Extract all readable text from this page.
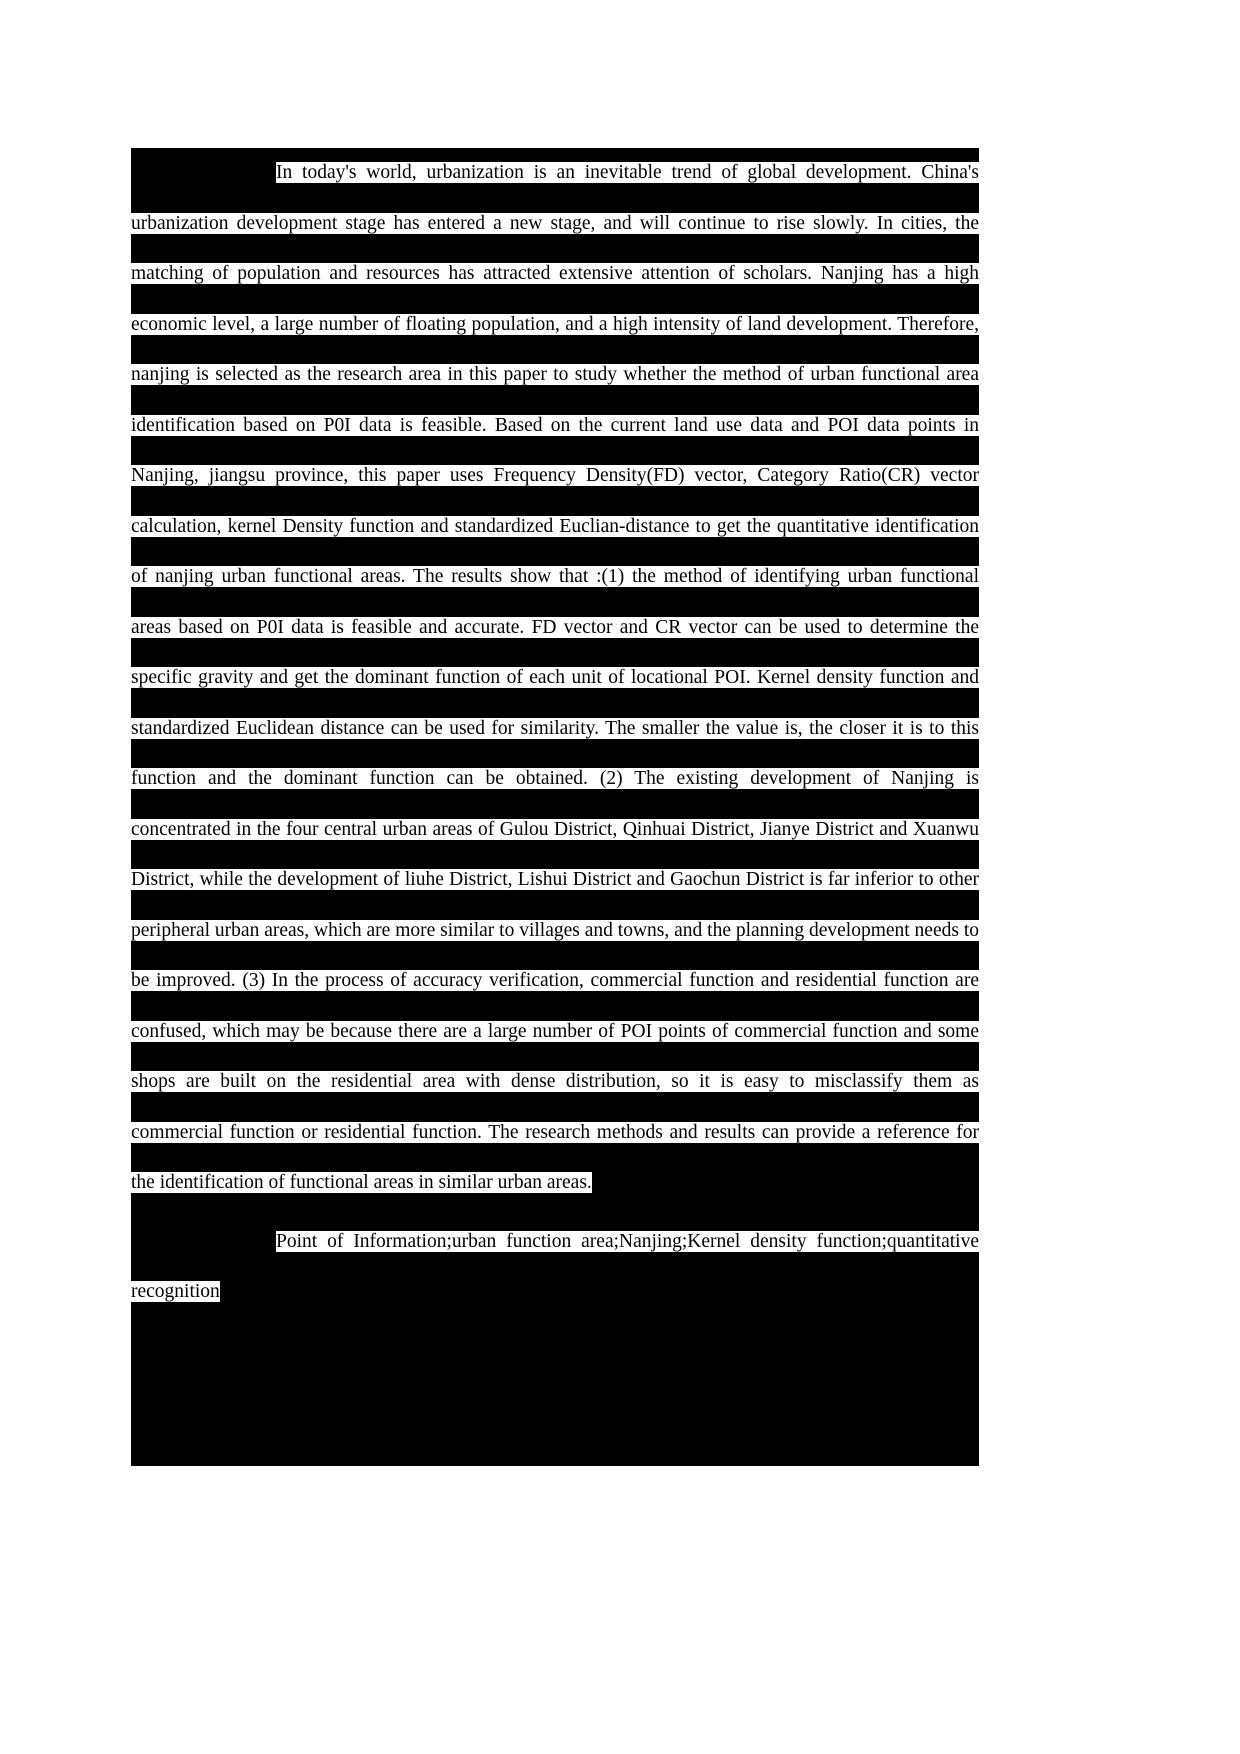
In today's world, urbanization is an inevitable trend of global development. China's urbanization development stage has entered a new stage, and will continue to rise slowly. In cities, the matching of population and resources has attracted extensive attention of scholars. Nanjing has a high economic level, a large number of floating population, and a high intensity of land development. Therefore, nanjing is selected as the research area in this paper to study whether the method of urban functional area identification based on P0I data is feasible. Based on the current land use data and POI data points in Nanjing, jiangsu province, this paper uses Frequency Density(FD) vector, Category Ratio(CR) vector calculation, kernel Density function and standardized Euclian-distance to get the quantitative identification of nanjing urban functional areas. The results show that :(1) the method of identifying urban functional areas based on P0I data is feasible and accurate. FD vector and CR vector can be used to determine the specific gravity and get the dominant function of each unit of locational POI. Kernel density function and standardized Euclidean distance can be used for similarity. The smaller the value is, the closer it is to this function and the dominant function can be obtained. (2) The existing development of Nanjing is concentrated in the four central urban areas of Gulou District, Qinhuai District, Jianye District and Xuanwu District, while the development of liuhe District, Lishui District and Gaochun District is far inferior to other peripheral urban areas, which are more similar to villages and towns, and the planning development needs to be improved. (3) In the process of accuracy verification, commercial function and residential function are confused, which may be because there are a large number of POI points of commercial function and some shops are built on the residential area with dense distribution, so it is easy to misclassify them as commercial function or residential function. The research methods and results can provide a reference for the identification of functional areas in similar urban areas.

Point of Information;urban function area;Nanjing;Kernel density function;quantitative recognition
